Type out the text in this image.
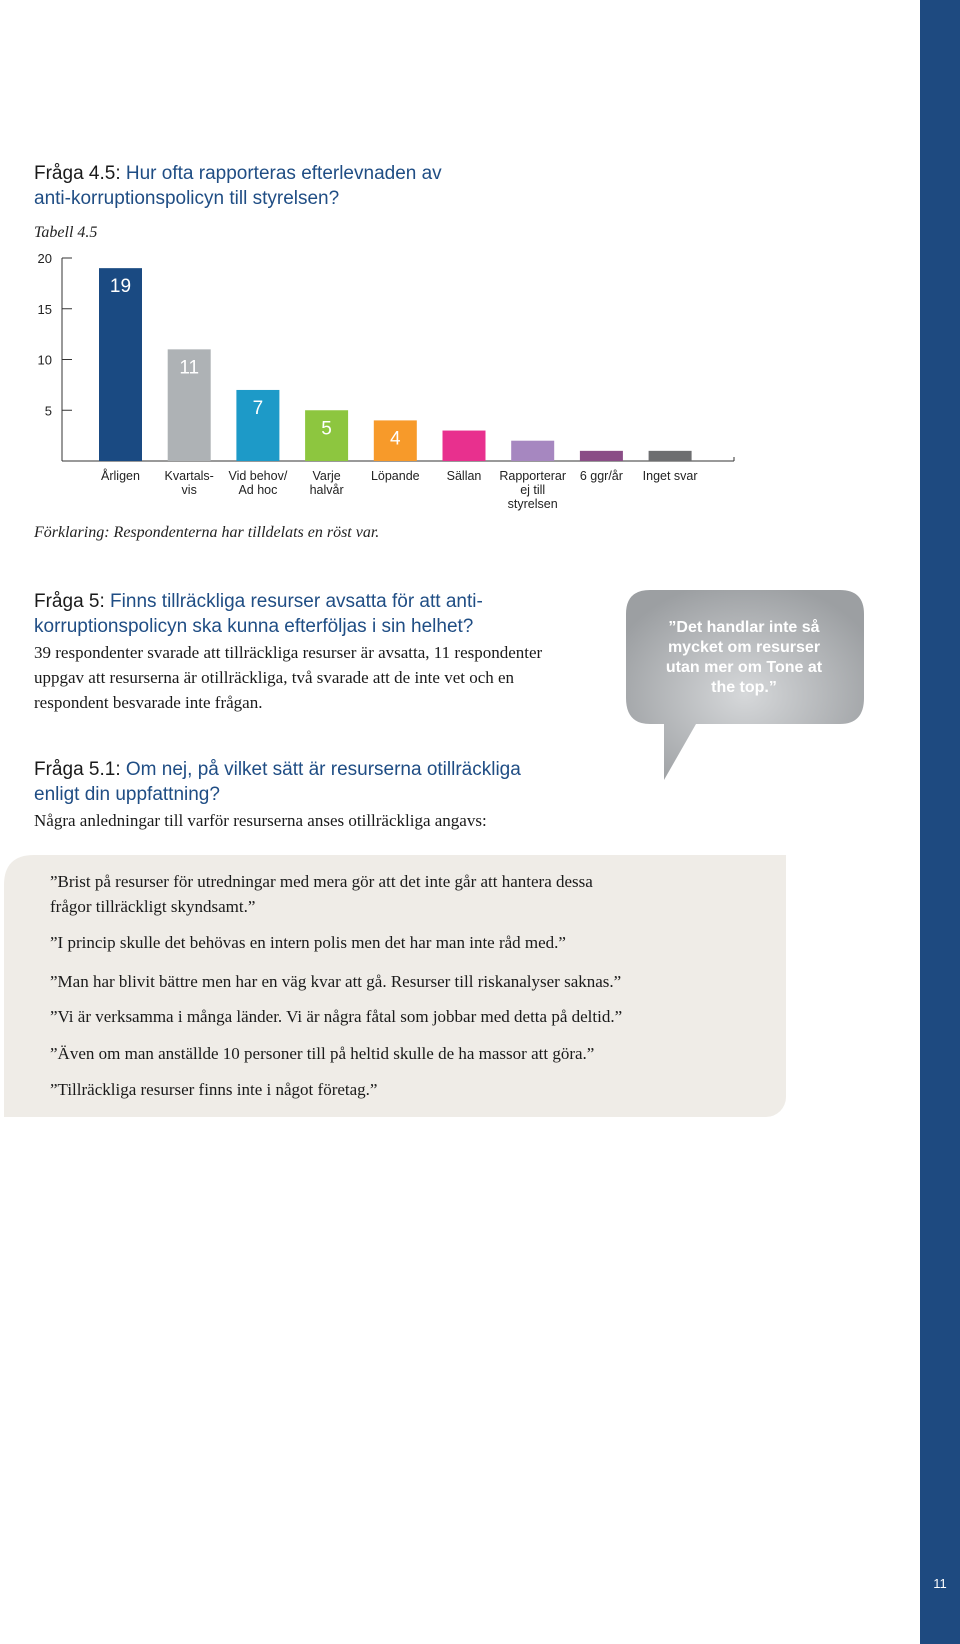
11
Fråga 4.5: Hur ofta rapporteras efterlevnaden av
anti-korruptionspolicyn till styrelsen?
Tabell 4.5
5
10
15
20
19
Årligen
11
Kvartals-
vis
7
Vid behov/
Ad hoc
5
Varje
halvår
4
Löpande Sällan Rapporterar
ej till
styrelsen
6 ggr/år Inget svar
Förklaring: Respondenterna har tilldelats en röst var.
Fråga 5: Finns tillräckliga resurser avsatta för att anti-
korruptionspolicyn ska kunna efterföljas i sin helhet?

39 respondenter svarade att tillräckliga resurser är avsatta, 11 respondenter
uppgav att resurserna är otillräckliga, två svarade att de inte vet och en
respondent besvarade inte frågan.

”Det handlar inte så
mycket om resurser
utan mer om Tone at
the top.”
Fråga 5.1: Om nej, på vilket sätt är resurserna otillräckliga
enligt din uppfattning?

Några anledningar till varför resurserna anses otillräckliga angavs:

”Brist på resurser för utredningar med mera gör att det inte går att hantera dessa
frågor tillräckligt skyndsamt.”

”I princip skulle det behövas en intern polis men det har man inte råd med.”

”Man har blivit bättre men har en väg kvar att gå. Resurser till riskanalyser saknas.”

”Vi är verksamma i många länder. Vi är några fåtal som jobbar med detta på deltid.”

”Även om man anställde 10 personer till på heltid skulle de ha massor att göra.”

”Tillräckliga resurser finns inte i något företag.”
